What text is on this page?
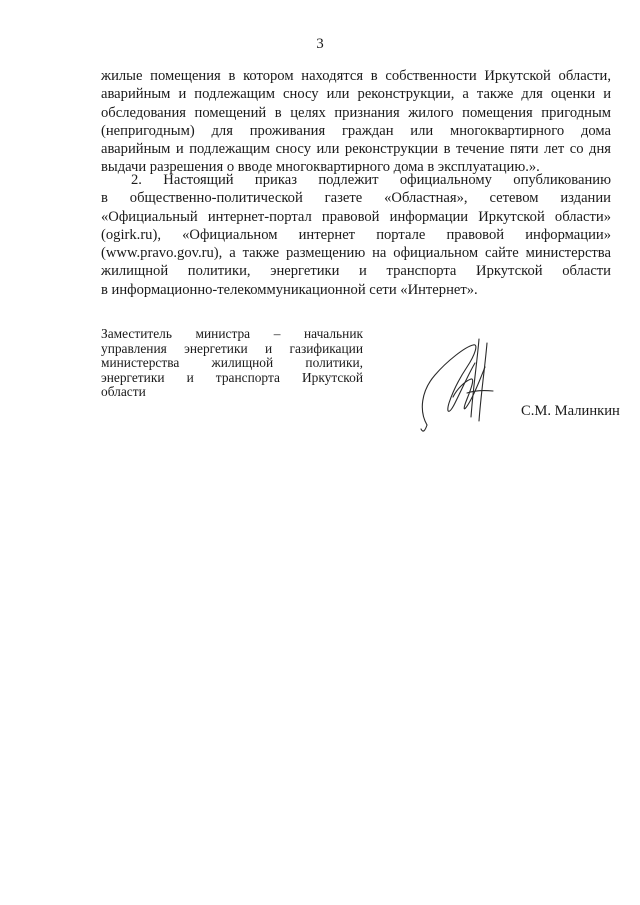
3
жилые помещения в котором находятся в собственности Иркутской области,
аварийным и подлежащим сносу или реконструкции, а также для оценки и
обследования помещений в целях признания жилого помещения пригодным
(непригодным) для проживания граждан или многоквартирного дома
аварийным и подлежащим сносу или реконструкции в течение пяти лет со дня
выдачи разрешения о вводе многоквартирного дома в эксплуатацию.».
2. Настоящий приказ подлежит официальному опубликованию
в общественно-политической газете «Областная», сетевом издании
«Официальный интернет-портал правовой информации Иркутской области»
(ogirk.ru), «Официальном интернет портале правовой информации»
(www.pravo.gov.ru), а также размещению на официальном сайте министерства
жилищной политики, энергетики и транспорта Иркутской области
в информационно-телекоммуникационной сети «Интернет».
Заместитель министра – начальник
управления энергетики и газификации
министерства жилищной политики,
энергетики и транспорта Иркутской
области
С.М. Малинкин
